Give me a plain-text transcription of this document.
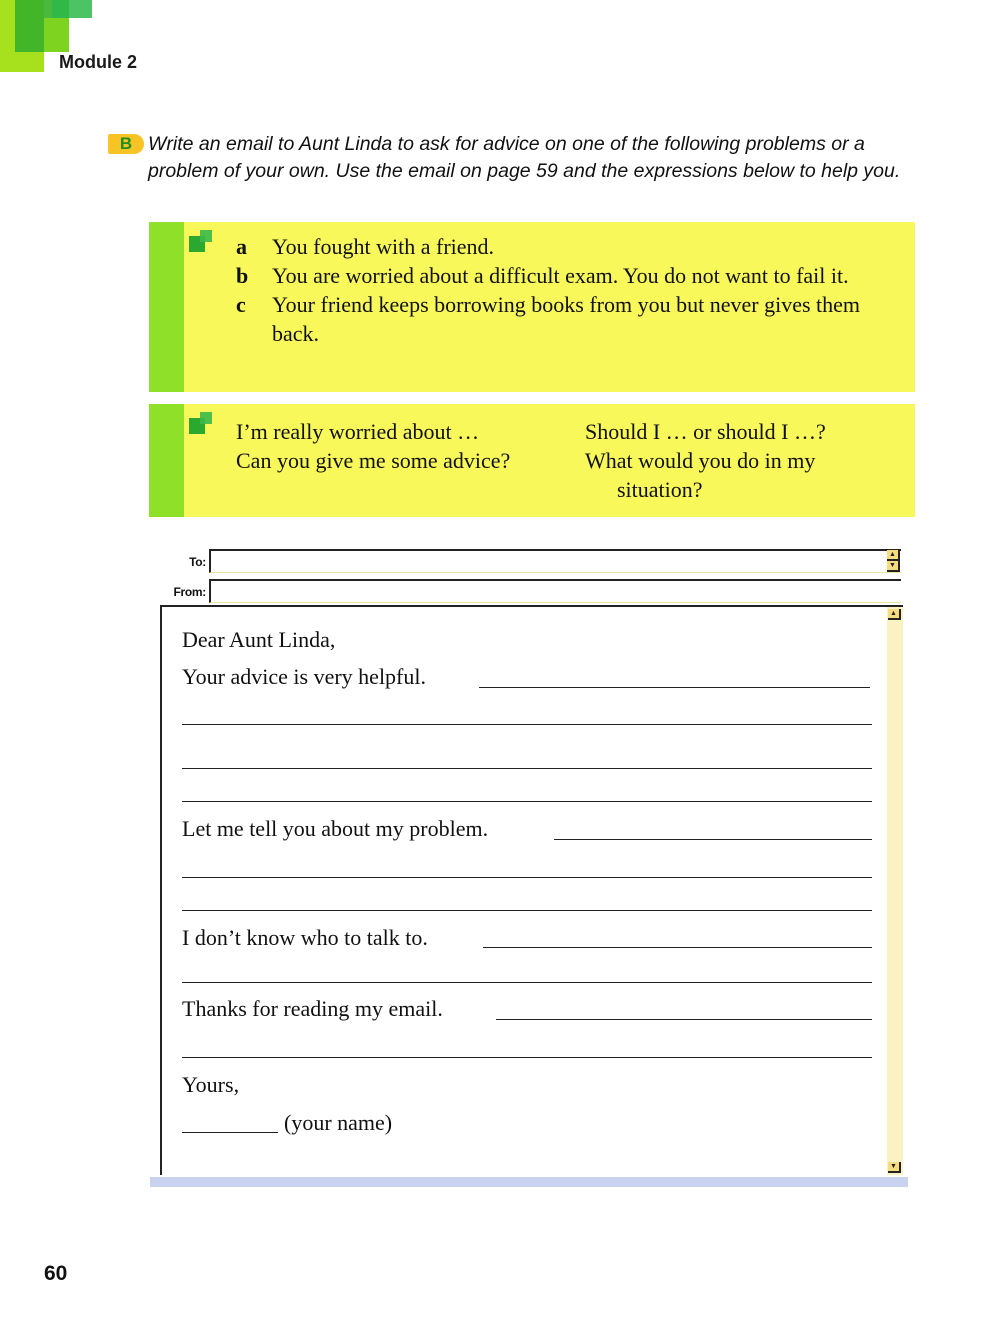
Module 2
B Write an email to Aunt Linda to ask for advice on one of the following problems or a problem of your own. Use the email on page 59 and the expressions below to help you.
a	You fought with a friend.
b	You are worried about a difficult exam. You do not want to fail it.
c	Your friend keeps borrowing books from you but never gives them back.
I’m really worried about …
Can you give me some advice?
Should I … or should I …?
What would you do in my
situation?
To:
▲
▼
From:
▲
▼
Dear Aunt Linda,
Your advice is very helpful.
Let me tell you about my problem.
I don’t know who to talk to.
Thanks for reading my email.
Yours,
(your name)
60
